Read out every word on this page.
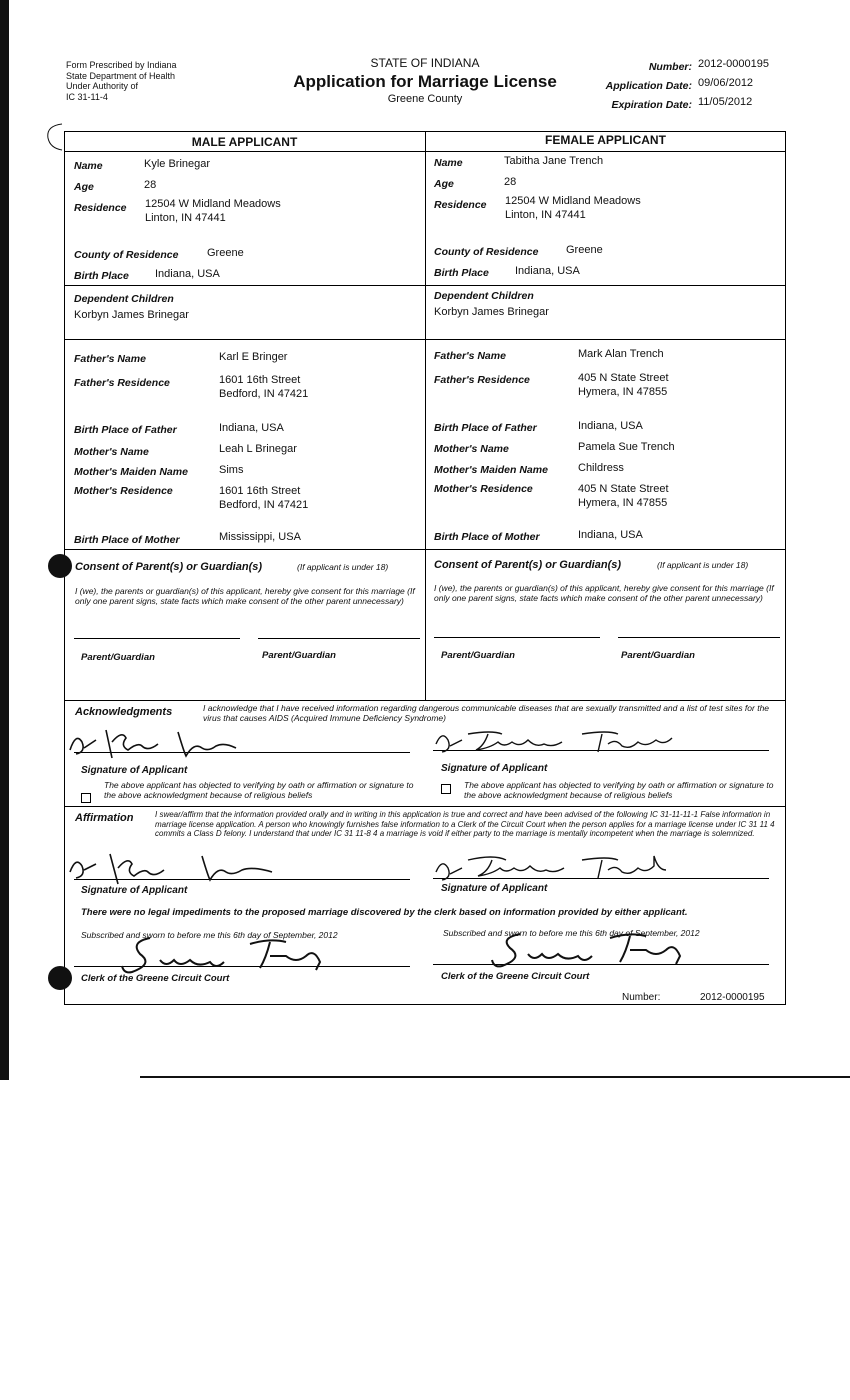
Form Prescribed by Indiana
State Department of Health
Under Authority of
IC 31-11-4
STATE OF INDIANA
Application for Marriage License
Greene County
Number: 2012-0000195
Application Date: 09/06/2012
Expiration Date: 11/05/2012
MALE APPLICANT	FEMALE APPLICANT
Name	Kyle Brinegar
Age	28
Residence 12504 W Midland Meadows
Linton, IN 47441
County of Residence	Greene
Birth Place Indiana, USA
Dependent Children
Korbyn James Brinegar
Father's Name	Karl E Bringer
Father's Residence	1601 16th Street
Bedford, IN 47421
Birth Place of Father	Indiana, USA
Mother's Name	Leah L Brinegar
Mother's Maiden Name	Sims
Mother's Residence	1601 16th Street
Bedford, IN 47421
Birth Place of Mother	Mississippi, USA
Name	Tabitha Jane Trench
Age	28
Residence 12504 W Midland Meadows
Linton, IN 47441
County of Residence	Greene
Birth Place Indiana, USA
Dependent Children
Korbyn James Brinegar
Father's Name	Mark Alan Trench
Father's Residence	405 N State Street
Hymera, IN 47855
Birth Place of Father	Indiana, USA
Mother's Name	Pamela Sue Trench
Mother's Maiden Name	Childress
Mother's Residence	405 N State Street
Hymera, IN 47855
Birth Place of Mother	Indiana, USA
Consent of Parent(s) or Guardian(s)	(If applicant is under 18)
I (we), the parents or guardian(s) of this applicant, hereby give consent for this marriage (If only one parent signs, state facts which make consent of the other parent unnecessary)
Parent/Guardian	Parent/Guardian
Consent of Parent(s) or Guardian(s)	(If applicant is under 18)
I (we), the parents or guardian(s) of this applicant, hereby give consent for this marriage (If only one parent signs, state facts which make consent of the other parent unnecessary)
Parent/Guardian	Parent/Guardian
Acknowledgments	I acknowledge that I have received information regarding dangerous communicable diseases that are sexually transmitted and a list of test sites for the virus that causes AIDS (Acquired Immune Deficiency Syndrome)
Signature of Applicant	Signature of Applicant
The above applicant has objected to verifying by oath or affirmation or signature to the above acknowledgment because of religious beliefs
The above applicant has objected to verifying by oath or affirmation or signature to the above acknowledgment because of religious beliefs
Affirmation	I swear/affirm that the information provided orally and in writing in this application is true and correct and have been advised of the following IC 31-11-11-1 False information in marriage license application. A person who knowingly furnishes false information to a Clerk of the Circuit Court when the person applies for a marriage license under IC 31 11 4 commits a Class D felony. I understand that under IC 31 11-8 4 a marriage is void if either party to the marriage is mentally incompetent when the marriage is solemnized.
Signature of Applicant	Signature of Applicant
There were no legal impediments to the proposed marriage discovered by the clerk based on information provided by either applicant.
Subscribed and sworn to before me this 6th day of September, 2012	Subscribed and sworn to before me this 6th day of September, 2012
Clerk of the Greene Circuit Court	Clerk of the Greene Circuit Court
Number:	2012-0000195
